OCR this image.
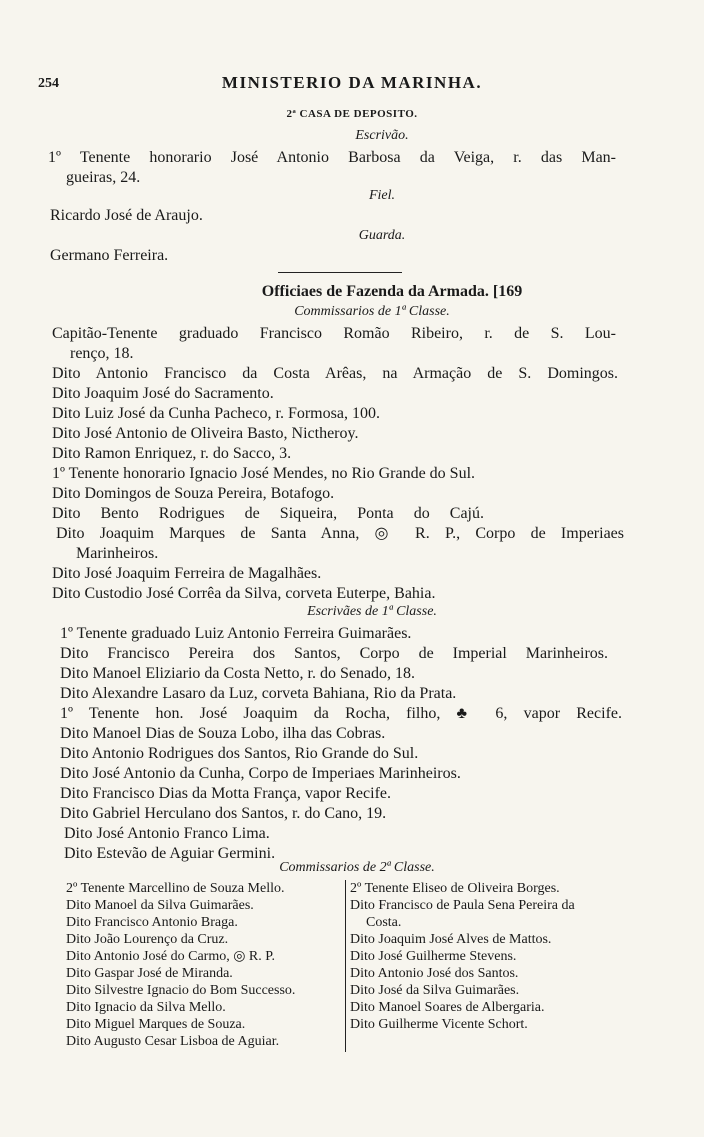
254	MINISTERIO DA MARINHA.
2ª CASA DE DEPOSITO.
Escrivão.
1º Tenente honorario José Antonio Barbosa da Veiga, r. das Man-
gueiras, 24.
Fiel.
Ricardo José de Araujo.
Guarda.
Germano Ferreira.
Officiaes de Fazenda da Armada. [169
Commissarios de 1ª Classe.
Capitão-Tenente graduado Francisco Romão Ribeiro, r. de S. Lou-
renço, 18.
Dito Antonio Francisco da Costa Arêas, na Armação de S. Domingos.
Dito Joaquim José do Sacramento.
Dito Luiz José da Cunha Pacheco, r. Formosa, 100.
Dito José Antonio de Oliveira Basto, Nictheroy.
Dito Ramon Enriquez, r. do Sacco, 3.
1º Tenente honorario Ignacio José Mendes, no Rio Grande do Sul.
Dito Domingos de Souza Pereira, Botafogo.
Dito Bento Rodrigues de Siqueira, Ponta do Cajú.
Dito Joaquim Marques de Santa Anna, ◎ R. P., Corpo de Imperiaes
Marinheiros.
Dito José Joaquim Ferreira de Magalhães.
Dito Custodio José Corrêa da Silva, corveta Euterpe, Bahia.
Escrivães de 1ª Classe.
1º Tenente graduado Luiz Antonio Ferreira Guimarães.
Dito Francisco Pereira dos Santos, Corpo de Imperial Marinheiros.
Dito Manoel Eliziario da Costa Netto, r. do Senado, 18.
Dito Alexandre Lasaro da Luz, corveta Bahiana, Rio da Prata.
1º Tenente hon. José Joaquim da Rocha, filho, ♣ 6, vapor Recife.
Dito Manoel Dias de Souza Lobo, ilha das Cobras.
Dito Antonio Rodrigues dos Santos, Rio Grande do Sul.
Dito José Antonio da Cunha, Corpo de Imperiaes Marinheiros.
Dito Francisco Dias da Motta França, vapor Recife.
Dito Gabriel Herculano dos Santos, r. do Cano, 19.
Dito José Antonio Franco Lima.
Dito Estevão de Aguiar Germini.
Commissarios de 2ª Classe.
2º Tenente Marcellino de Souza Mello.
Dito Manoel da Silva Guimarães.
Dito Francisco Antonio Braga.
Dito João Lourenço da Cruz.
Dito Antonio José do Carmo, ◎ R. P.
Dito Gaspar José de Miranda.
Dito Silvestre Ignacio do Bom Successo.
Dito Ignacio da Silva Mello.
Dito Miguel Marques de Souza.
Dito Augusto Cesar Lisboa de Aguiar.
2º Tenente Eliseo de Oliveira Borges.
Dito Francisco de Paula Sena Pereira da
Costa.
Dito Joaquim José Alves de Mattos.
Dito José Guilherme Stevens.
Dito Antonio José dos Santos.
Dito José da Silva Guimarães.
Dito Manoel Soares de Albergaria.
Dito Guilherme Vicente Schort.
